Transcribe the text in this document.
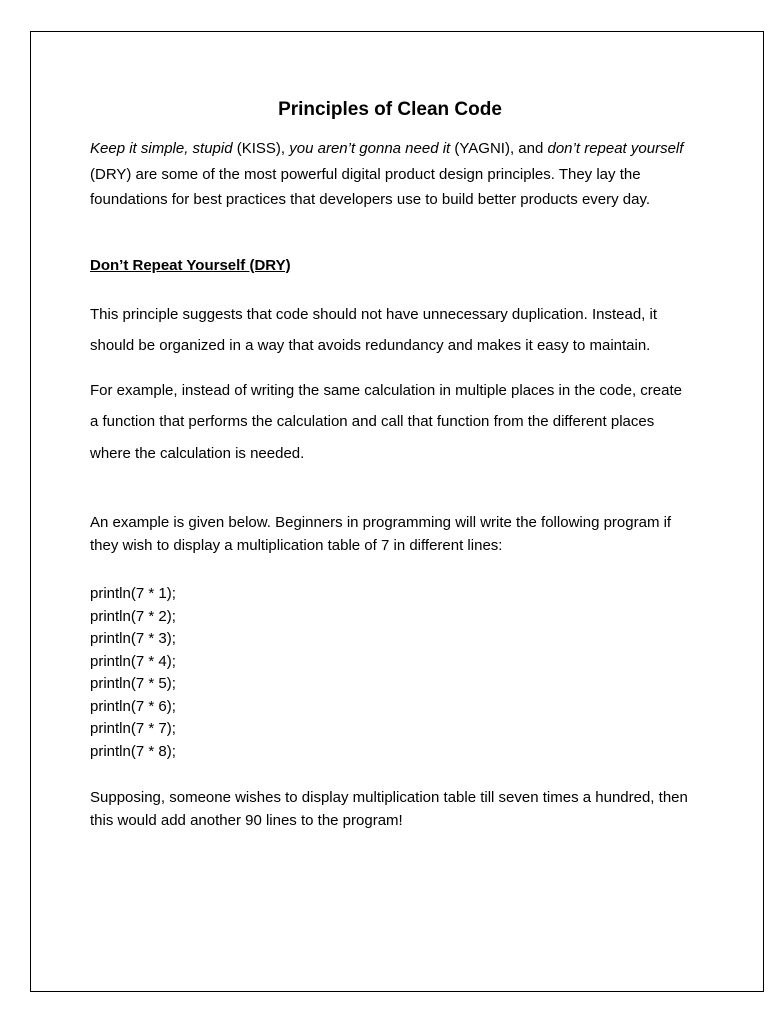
Principles of Clean Code

Keep it simple, stupid (KISS), you aren’t gonna need it (YAGNI), and don’t repeat yourself (DRY) are some of the most powerful digital product design principles. They lay the foundations for best practices that developers use to build better products every day.

Don’t Repeat Yourself (DRY)

This principle suggests that code should not have unnecessary duplication. Instead, it should be organized in a way that avoids redundancy and makes it easy to maintain.

For example, instead of writing the same calculation in multiple places in the code, create a function that performs the calculation and call that function from the different places where the calculation is needed.

An example is given below. Beginners in programming will write the following program if they wish to display a multiplication table of 7 in different lines:

println(7 * 1);
println(7 * 2);
println(7 * 3);
println(7 * 4);
println(7 * 5);
println(7 * 6);
println(7 * 7);
println(7 * 8);

Supposing, someone wishes to display multiplication table till seven times a hundred, then this would add another 90 lines to the program!
